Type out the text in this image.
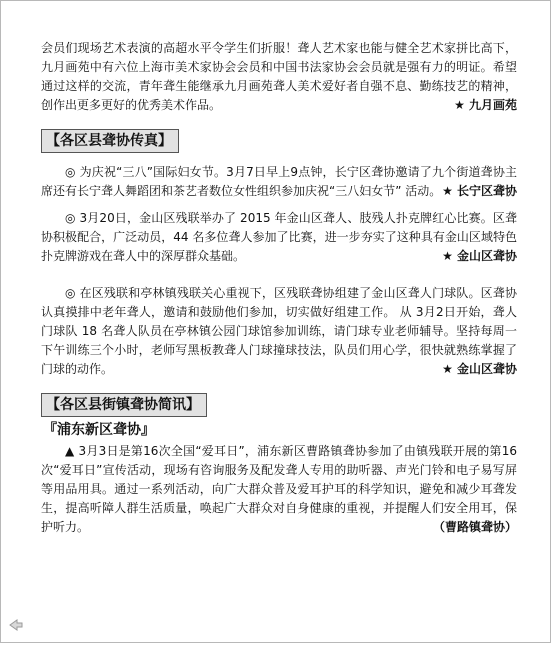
会员们现场艺术表演的高超水平令学生们折服！聋人艺术家也能与健全艺术家拼比高下，九月画苑中有六位上海市美术家协会会员和中国书法家协会会员就是强有力的明证。希望通过这样的交流，青年聋生能继承九月画苑聋人美术爱好者自强不息、勤练技艺的精神，创作出更多更好的优秀美术作品。	★ 九月画苑
【各区县聋协传真】

◎ 为庆祝“三八”国际妇女节。3月7日早上9点钟，长宁区聋协邀请了九个街道聋协主席还有长宁聋人舞蹈团和茶艺者数位女性组织参加庆祝“三八妇女节” 活动。 ★ 长宁区聋协

◎ 3月20日，金山区残联举办了 2015 年金山区聋人、肢残人扑克牌红心比赛。区聋协积极配合，广泛动员，44 名多位聋人参加了比赛，进一步夯实了这种具有金山区域特色扑克牌游戏在聋人中的深厚群众基础。	★ 金山区聋协

◎ 在区残联和亭林镇残联关心重视下，区残联聋协组建了金山区聋人门球队。区聋协认真摸排中老年聋人，邀请和鼓励他们参加，切实做好组建工作。 从 3月2日开始，聋人门球队 18 名聋人队员在亭林镇公园门球馆参加训练，请门球专业老师辅导。坚持每周一下午训练三个小时，老师写黑板教聋人门球撞球技法，队员们用心学，很快就熟练掌握了门球的动作。	★ 金山区聋协
【各区县街镇聋协简讯】
『浦东新区聋协』

▲ 3月3日是第16次全国“爱耳日”，浦东新区曹路镇聋协参加了由镇残联开展的第16次“爱耳日”宣传活动，现场有咨询服务及配发聋人专用的助听器、声光门铃和电子易写屏等用品用具。通过一系列活动，向广大群众普及爱耳护耳的科学知识，避免和减少耳聋发生，提高听障人群生活质量，唤起广大群众对自身健康的重视，并提醒人们安全用耳，保护听力。	（曹路镇聋协）
